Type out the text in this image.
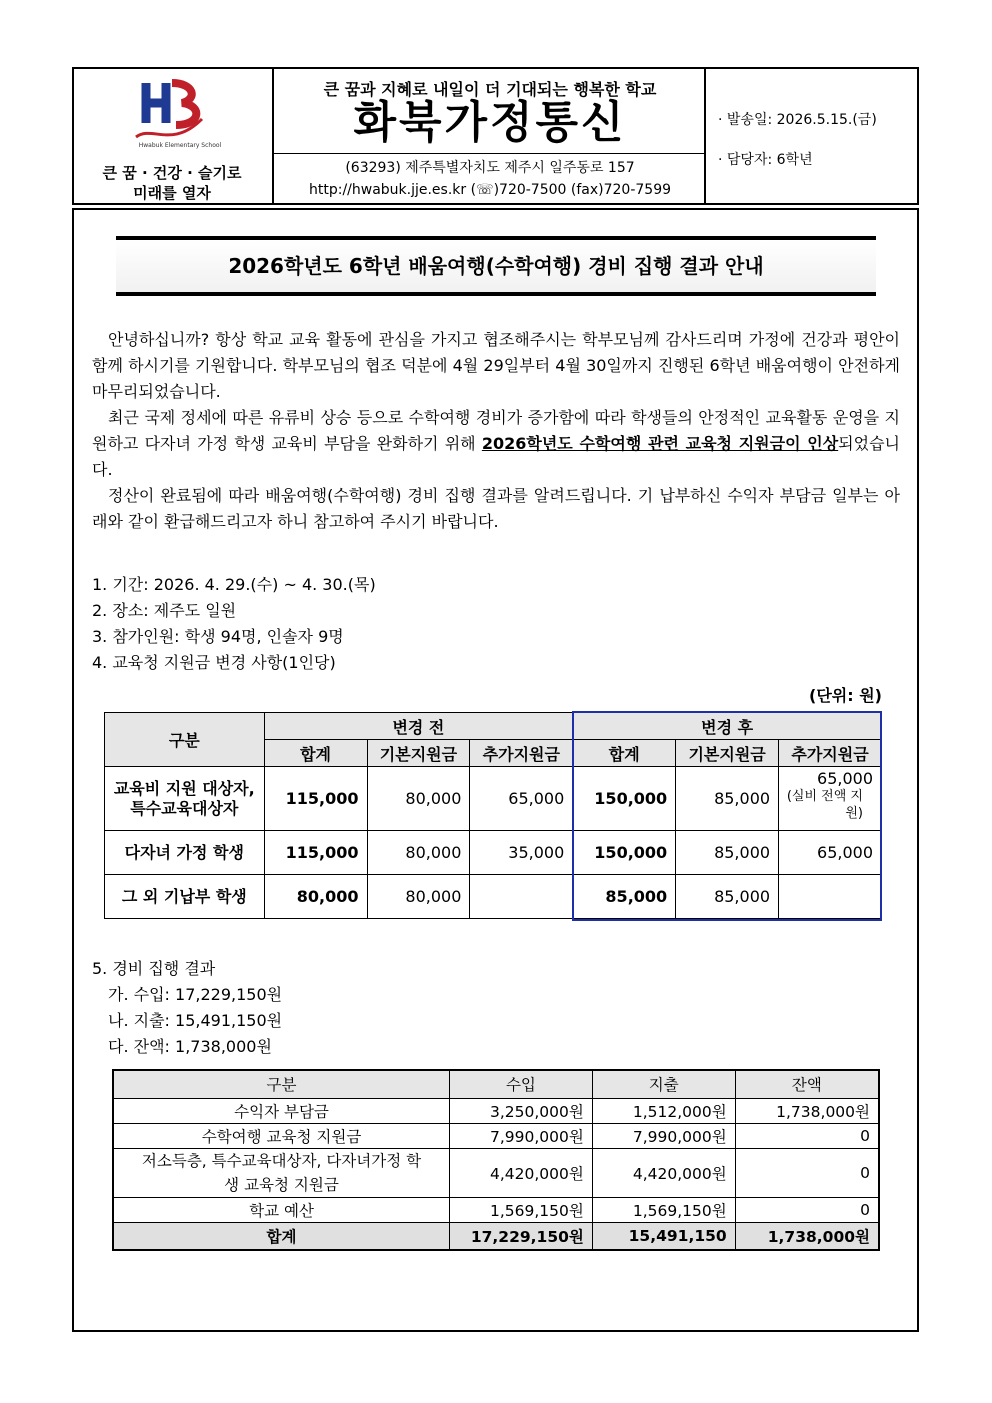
Hwabuk Elementary School
큰 꿈 · 건강 · 슬기로
미래를 열자
큰 꿈과 지혜로 내일이 더 기대되는 행복한 학교
화북가정통신
(63293) 제주특별자치도 제주시 일주동로 157
http://hwabuk.jje.es.kr (☏)720-7500 (fax)720-7599
· 발송일: 2026.5.15.(금)
· 담당자: 6학년
2026학년도 6학년 배움여행(수학여행) 경비 집행 결과 안내

안녕하십니까? 항상 학교 교육 활동에 관심을 가지고 협조해주시는 학부모님께 감사드리며 가정에 건강과 평안이 함께 하시기를 기원합니다. 학부모님의 협조 덕분에 4월 29일부터 4월 30일까지 진행된 6학년 배움여행이 안전하게 마무리되었습니다.

최근 국제 정세에 따른 유류비 상승 등으로 수학여행 경비가 증가함에 따라 학생들의 안정적인 교육활동 운영을 지원하고 다자녀 가정 학생 교육비 부담을 완화하기 위해 2026학년도 수학여행 관련 교육청 지원금이 인상되었습니다.

정산이 완료됨에 따라 배움여행(수학여행) 경비 집행 결과를 알려드립니다. 기 납부하신 수익자 부담금 일부는 아래와 같이 환급해드리고자 하니 참고하여 주시기 바랍니다.

1. 기간: 2026. 4. 29.(수) ~ 4. 30.(목)
2. 장소: 제주도 일원
3. 참가인원: 학생 94명, 인솔자 9명
4. 교육청 지원금 변경 사항(1인당)
(단위: 원)
구분	변경 전			변경 후		
	합계	기본지원금	추가지원금	합계	기본지원금	추가지원금
교육비 지원 대상자, 특수교육대상자	115,000	80,000	65,000	150,000	85,000	65,000
(실비 전액 지원)

다자녀 가정 학생	115,000	80,000	35,000	150,000	85,000	65,000
그 외 기납부 학생	80,000	80,000		85,000	85,000	
5. 경비 집행 결과
가. 수입: 17,229,150원
나. 지출: 15,491,150원
다. 잔액: 1,738,000원
구분	수입	지출	잔액
수익자 부담금	3,250,000원	1,512,000원	1,738,000원
수학여행 교육청 지원금	7,990,000원	7,990,000원	0
저소득층, 특수교육대상자, 다자녀가정 학생 교육청 지원금	4,420,000원	4,420,000원	0
학교 예산	1,569,150원	1,569,150원	0
합계	17,229,150원	15,491,150	1,738,000원
